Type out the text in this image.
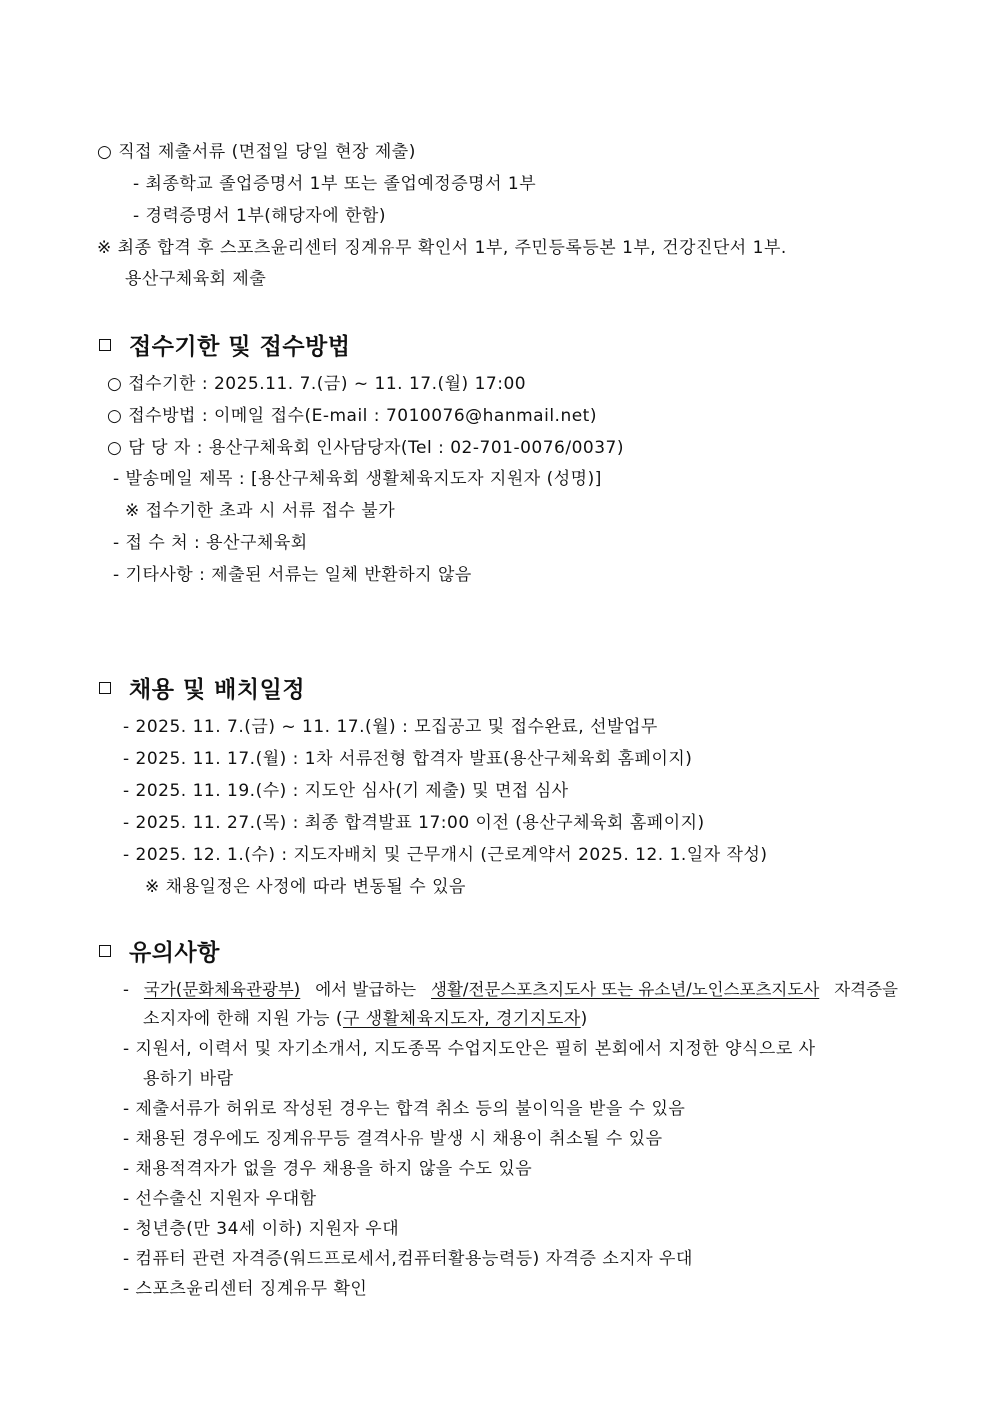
○ 직접 제출서류 (면접일 당일 현장 제출)
- 최종학교 졸업증명서 1부 또는 졸업예정증명서 1부
- 경력증명서 1부(해당자에 한함)
※ 최종 합격 후 스포츠윤리센터 징계유무 확인서 1부, 주민등록등본 1부, 건강진단서 1부.
용산구체육회 제출
접수기한 및 접수방법
○ 접수기한 : 2025.11. 7.(금) ~ 11. 17.(월) 17:00
○ 접수방법 : 이메일 접수(E-mail : 7010076@hanmail.net)
○ 담 당 자 : 용산구체육회 인사담당자(Tel : 02-701-0076/0037)
- 발송메일 제목 : [용산구체육회 생활체육지도자 지원자 (성명)]
※ 접수기한 초과 시 서류 접수 불가
- 접 수 처 : 용산구체육회
- 기타사항 : 제출된 서류는 일체 반환하지 않음
채용 및 배치일정
- 2025. 11. 7.(금) ~ 11. 17.(월) : 모집공고 및 접수완료, 선발업무
- 2025. 11. 17.(월) : 1차 서류전형 합격자 발표(용산구체육회 홈페이지)
- 2025. 11. 19.(수) : 지도안 심사(기 제출) 및 면접 심사
- 2025. 11. 27.(목) : 최종 합격발표 17:00 이전 (용산구체육회 홈페이지)
- 2025. 12. 1.(수) : 지도자배치 및 근무개시 (근로계약서 2025. 12. 1.일자 작성)
※ 채용일정은 사정에 따라 변동될 수 있음
유의사항
- 국가(문화체육관광부) 에서 발급하는 생활/전문스포츠지도사 또는 유소년/노인스포츠지도사 자격증을
소지자에 한해 지원 가능 (구 생활체육지도자, 경기지도자)
- 지원서, 이력서 및 자기소개서, 지도종목 수업지도안은 필히 본회에서 지정한 양식으로 사
용하기 바람
- 제출서류가 허위로 작성된 경우는 합격 취소 등의 불이익을 받을 수 있음
- 채용된 경우에도 징계유무등 결격사유 발생 시 채용이 취소될 수 있음
- 채용적격자가 없을 경우 채용을 하지 않을 수도 있음
- 선수출신 지원자 우대함
- 청년층(만 34세 이하) 지원자 우대
- 컴퓨터 관련 자격증(워드프로세서,컴퓨터활용능력등) 자격증 소지자 우대
- 스포츠윤리센터 징계유무 확인
